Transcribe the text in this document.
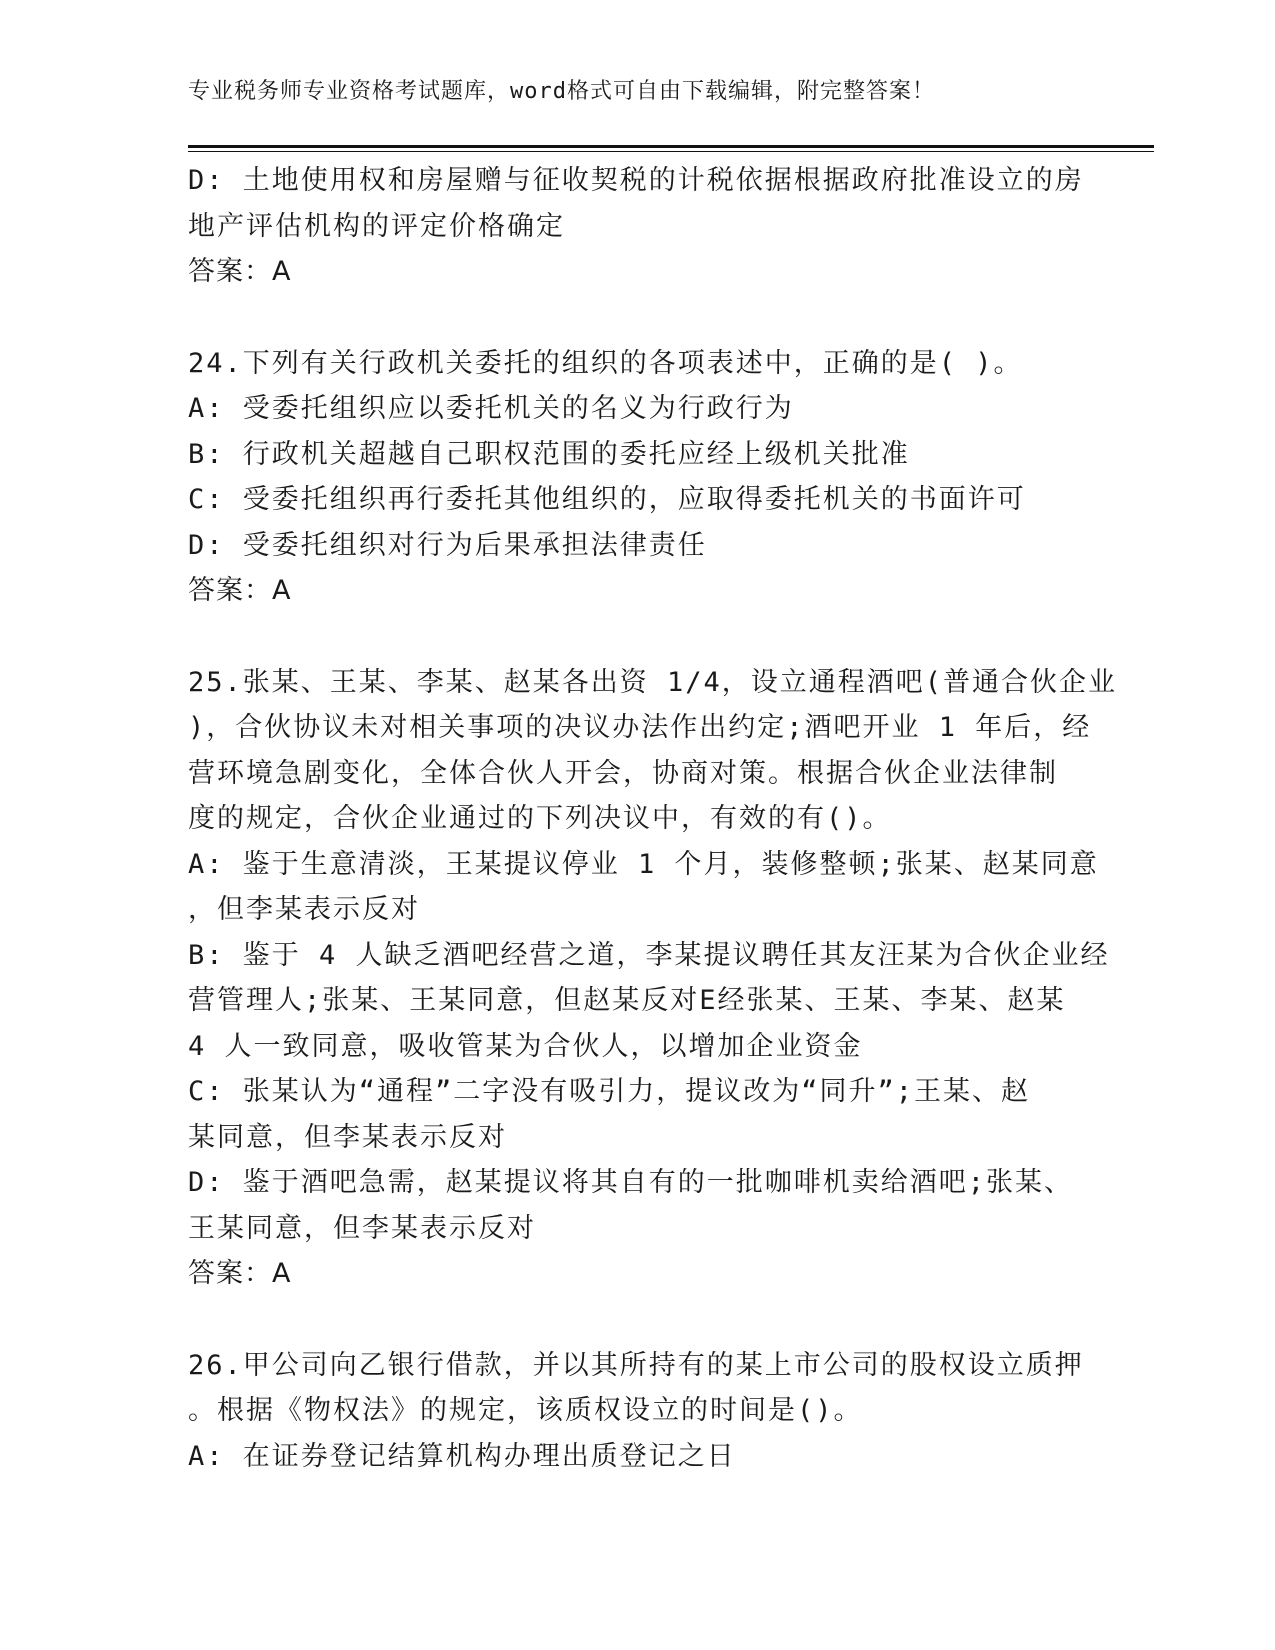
专业税务师专业资格考试题库，word格式可自由下载编辑，附完整答案！
D: 土地使用权和房屋赠与征收契税的计税依据根据政府批准设立的房
地产评估机构的评定价格确定
答案：A
24.下列有关行政机关委托的组织的各项表述中，正确的是( )。
A: 受委托组织应以委托机关的名义为行政行为
B: 行政机关超越自己职权范围的委托应经上级机关批准
C: 受委托组织再行委托其他组织的，应取得委托机关的书面许可
D: 受委托组织对行为后果承担法律责任
答案：A
25.张某、王某、李某、赵某各出资 1/4，设立通程酒吧(普通合伙企业
)，合伙协议未对相关事项的决议办法作出约定;酒吧开业 1 年后，经
营环境急剧变化，全体合伙人开会，协商对策。根据合伙企业法律制
度的规定，合伙企业通过的下列决议中，有效的有()。
A: 鉴于生意清淡，王某提议停业 1 个月，装修整顿;张某、赵某同意
，但李某表示反对
B: 鉴于 4 人缺乏酒吧经营之道，李某提议聘任其友汪某为合伙企业经
营管理人;张某、王某同意，但赵某反对E经张某、王某、李某、赵某
4 人一致同意，吸收管某为合伙人，以增加企业资金
C: 张某认为“通程”二字没有吸引力，提议改为“同升”;王某、赵
某同意，但李某表示反对
D: 鉴于酒吧急需，赵某提议将其自有的一批咖啡机卖给酒吧;张某、
王某同意，但李某表示反对
答案：A
26.甲公司向乙银行借款，并以其所持有的某上市公司的股权设立质押
。根据《物权法》的规定，该质权设立的时间是()。
A: 在证券登记结算机构办理出质登记之日
